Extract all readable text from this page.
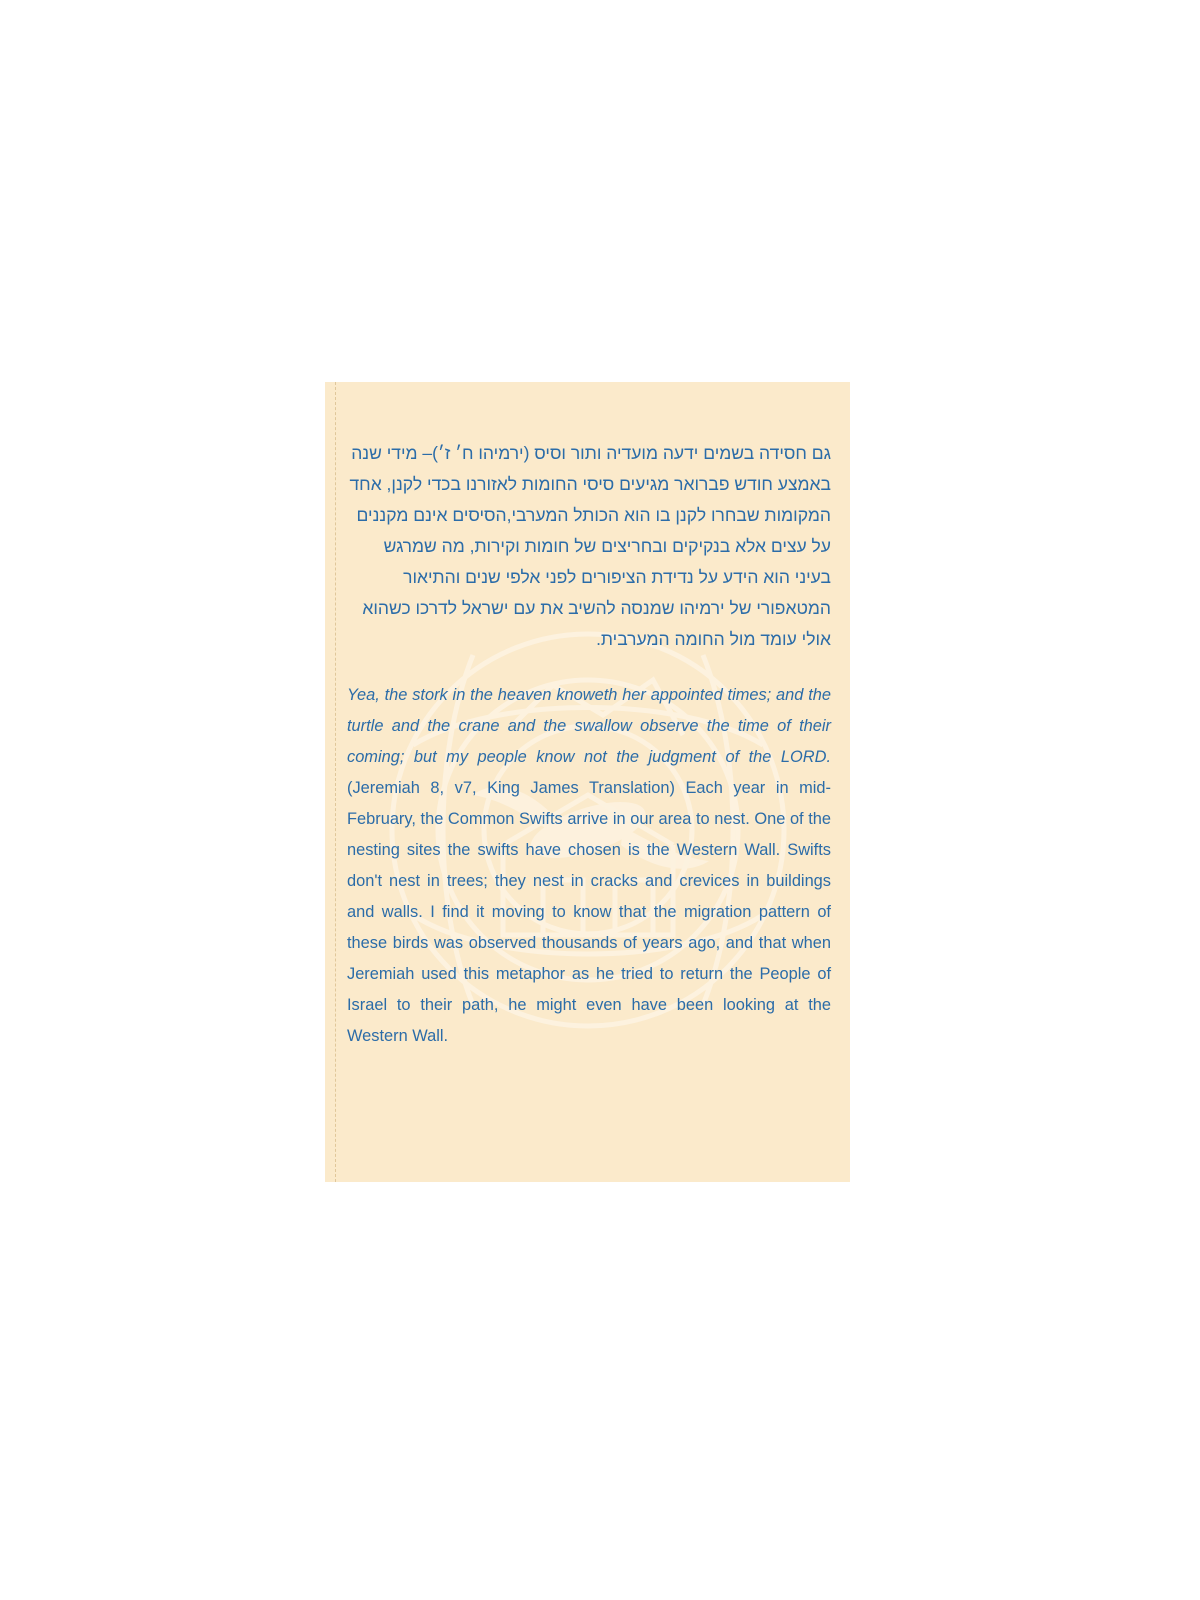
גם חסידה בשמים ידעה מועדיה ותור וסיס (ירמיהו ח׳ ז׳)– מידי שנה באמצע חודש פברואר מגיעים סיסי החומות לאזורנו בכדי לקנן, אחד המקומות שבחרו לקנן בו הוא הכותל המערבי,הסיסים אינם מקננים על עצים אלא בנקיקים ובחריצים של חומות וקירות, מה שמרגש בעיני הוא הידע על נדידת הציפורים לפני אלפי שנים והתיאור המטאפורי של ירמיהו שמנסה להשיב את עם ישראל לדרכו כשהוא אולי עומד מול החומה המערבית.

Yea, the stork in the heaven knoweth her appointed times; and the turtle and the crane and the swallow observe the time of their coming; but my people know not the judgment of the LORD. (Jeremiah 8, v7, King James Translation) Each year in mid-February, the Common Swifts arrive in our area to nest. One of the nesting sites the swifts have chosen is the Western Wall. Swifts don't nest in trees; they nest in cracks and crevices in buildings and walls. I find it moving to know that the migration pattern of these birds was observed thousands of years ago, and that when Jeremiah used this metaphor as he tried to return the People of Israel to their path, he might even have been looking at the Western Wall.
